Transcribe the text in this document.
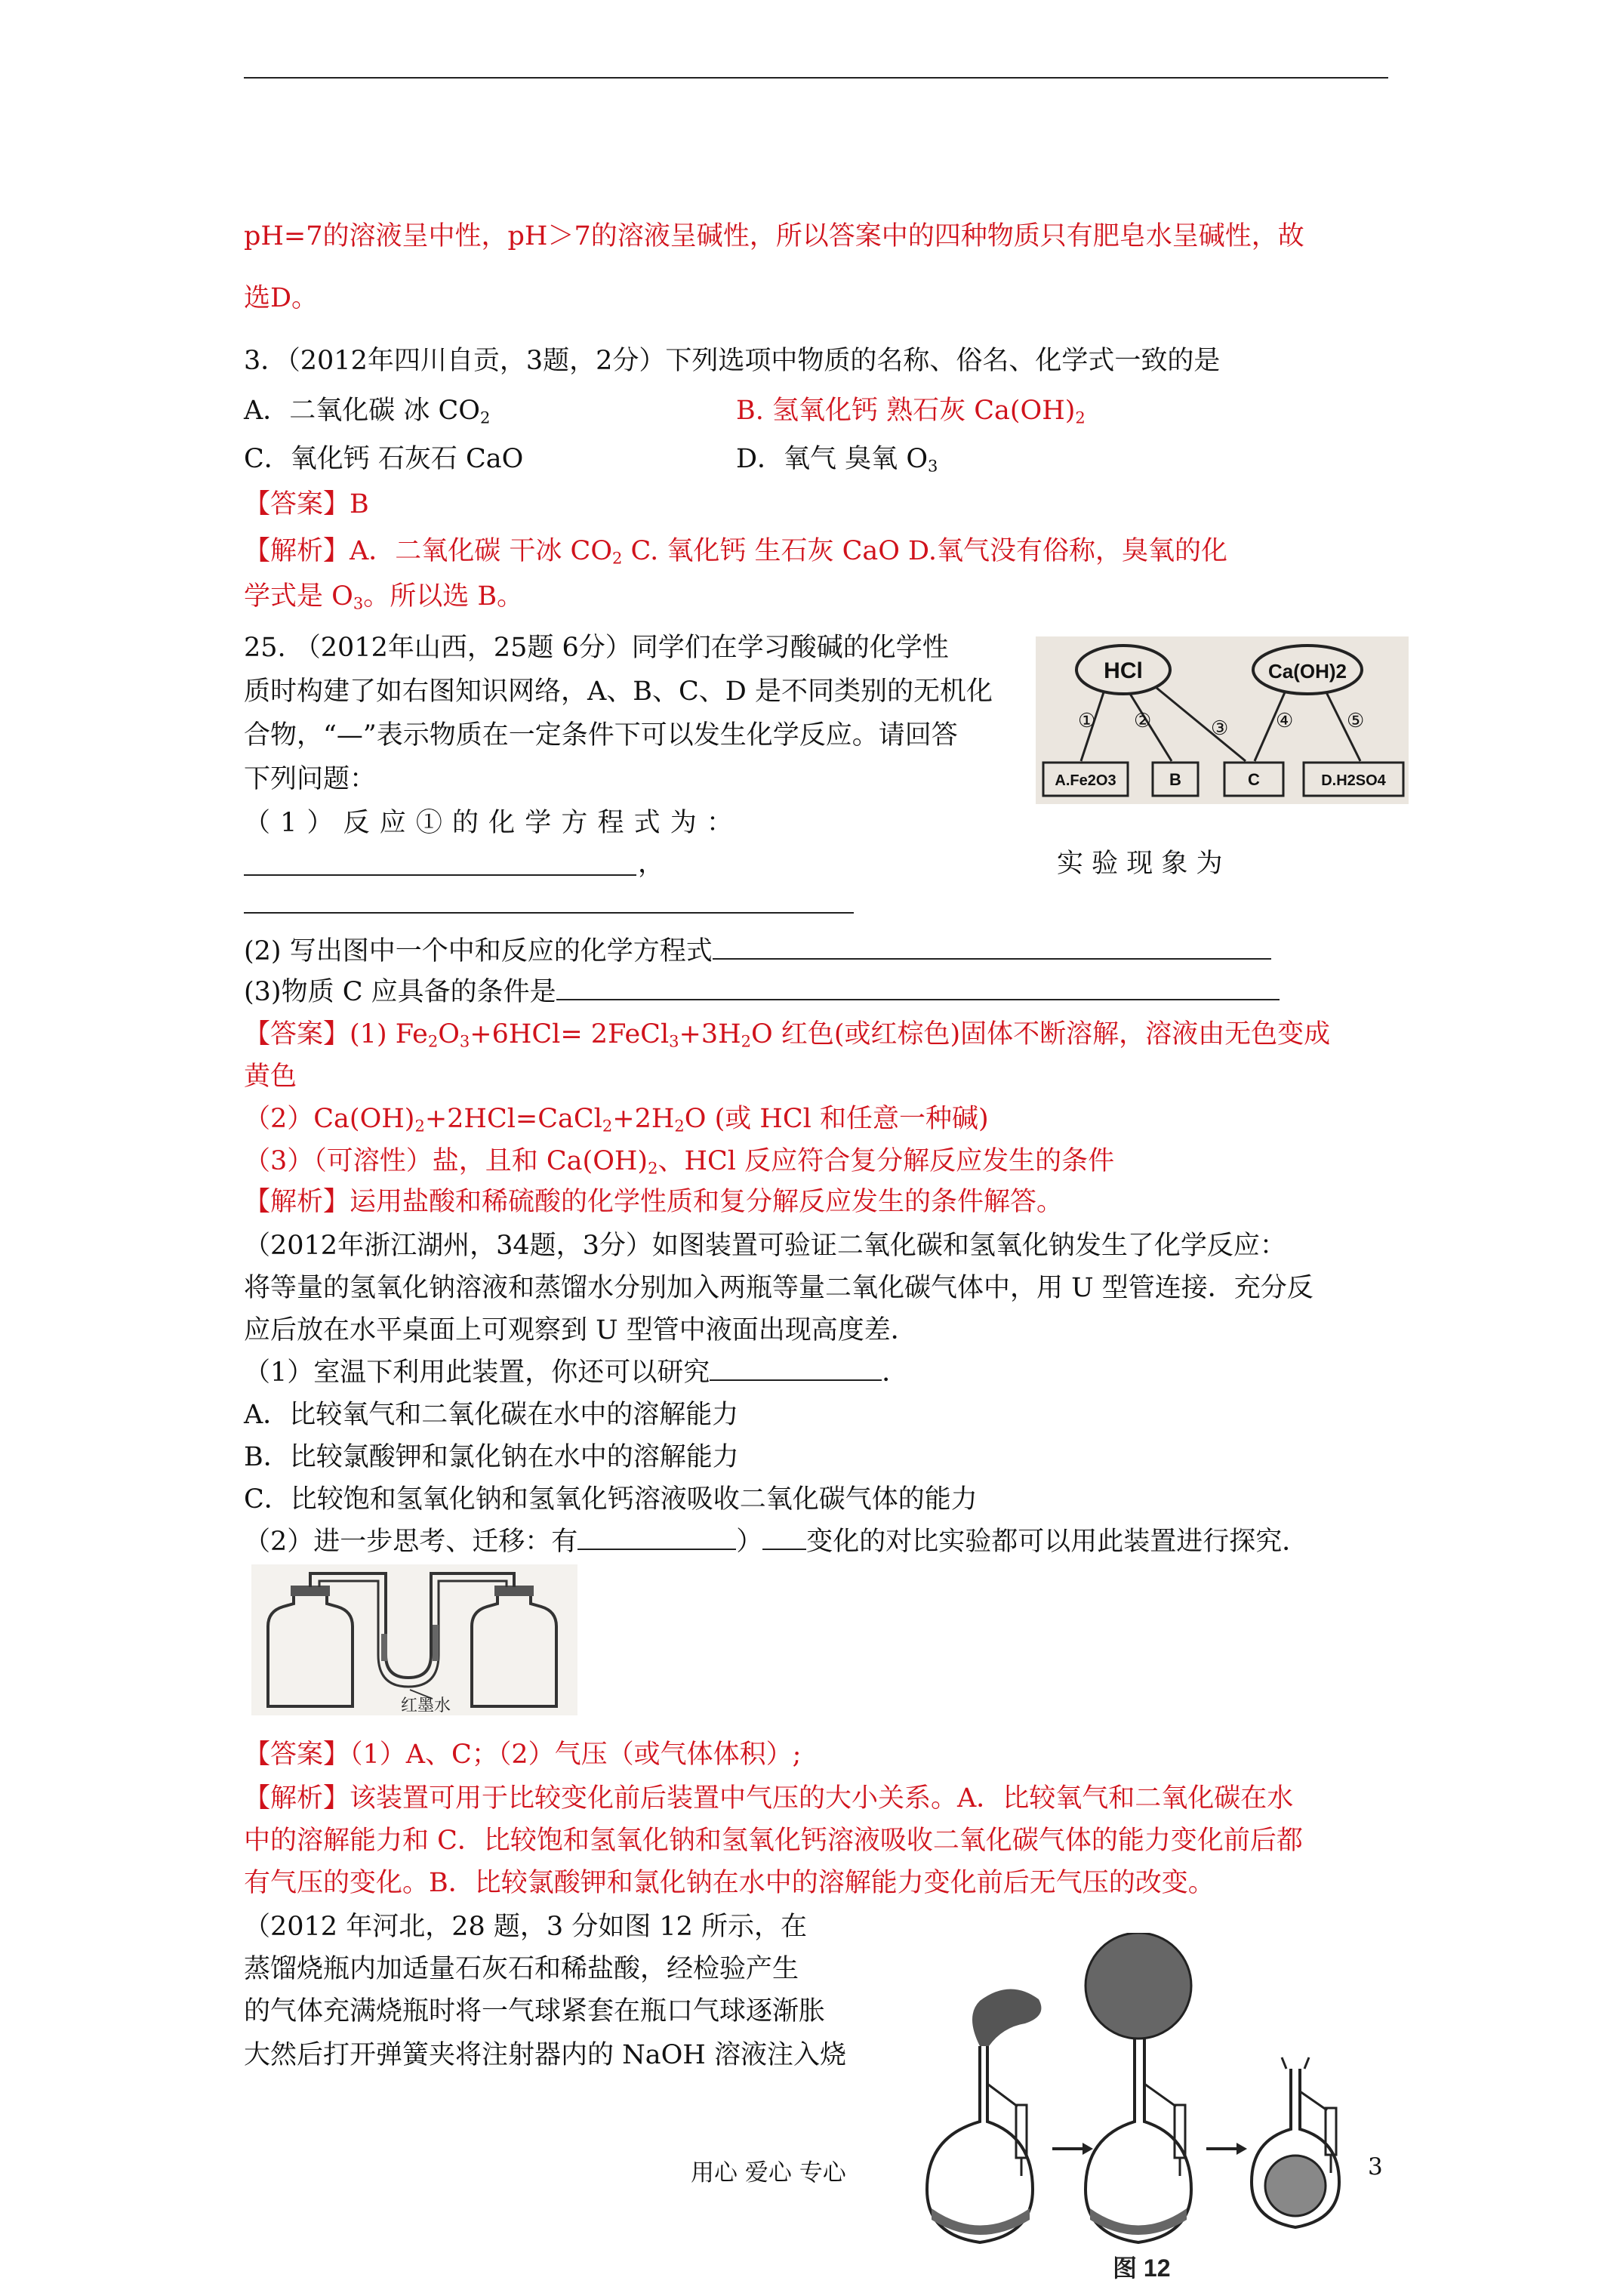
pH=7的溶液呈中性，pH＞7的溶液呈碱性，所以答案中的四种物质只有肥皂水呈碱性，故
选D。
3．（2012年四川自贡，3题，2分）下列选项中物质的名称、俗名、化学式一致的是
A．二氧化碳 冰 $CO_2$	B. 氢氧化钙 熟石灰 $Ca(OH)_2$
C．氧化钙 石灰石 CaO	D．氧气 臭氧 $O_3$
【答案】B
【解析】A．二氧化碳 干冰 $CO_2$ C. 氧化钙 生石灰 CaO D.氧气没有俗称，臭氧的化
学式是 $O_3$。所以选 B。
25. （2012年山西，25题 6分）同学们在学习酸碱的化学性
质时构建了如右图知识网络，A、B、C、D 是不同类别的无机化
合物，“—”表示物质在一定条件下可以发生化学反应。请回答
下列问题：
HCl	Ca(OH)2
① ②	③ ④	⑤
A.Fe2O3	B	C	D.H2SO4
（ 1 ） 反 应 ① 的 化 学 方 程 式 为 ：
，	实 验 现 象 为
(2) 写出图中一个中和反应的化学方程式
(3)物质 C 应具备的条件是
【答案】(1) $Fe_2O_3+6HCl=$ $2FeCl_3+3H_2O$ 红色(或红棕色)固体不断溶解，溶液由无色变成
黄色
$(2)Ca(OH)_2+2HCl=CaCl_2+2H_2O$ (或 HCl 和任意一种碱)
（3）（可溶性）盐，且和 $Ca(OH)_2$、HCl 反应符合复分解反应发生的条件
【解析】运用盐酸和稀硫酸的化学性质和复分解反应发生的条件解答。
（2012年浙江湖州，34题，3分）如图装置可验证二氧化碳和氢氧化钠发生了化学反应：
将等量的氢氧化钠溶液和蒸馏水分别加入两瓶等量二氧化碳气体中，用 U 型管连接．充分反
应后放在水平桌面上可观察到 U 型管中液面出现高度差．
（1）室温下利用此装置，你还可以研究	．
A．比较氧气和二氧化碳在水中的溶解能力
B．比较氯酸钾和氯化钠在水中的溶解能力
C．比较饱和氢氧化钠和氢氧化钙溶液吸收二氧化碳气体的能力
（2）进一步思考、迁移：有	） 变化的对比实验都可以用此装置进行探究．
红墨水
【答案】（1）A、C；（2）气压（或气体体积）;
【解析】该装置可用于比较变化前后装置中气压的大小关系。A．比较氧气和二氧化碳在水
中的溶解能力和 C．比较饱和氢氧化钠和氢氧化钙溶液吸收二氧化碳气体的能力变化前后都
有气压的变化。B．比较氯酸钾和氯化钠在水中的溶解能力变化前后无气压的改变。
（2012 年河北，28 题，3 分如图 12 所示，在
蒸馏烧瓶内加适量石灰石和稀盐酸，经检验产生
的气体充满烧瓶时将一气球紧套在瓶口气球逐渐胀
大然后打开弹簧夹将注射器内的 NaOH 溶液注入烧
图 12
用心 爱心 专心	3
